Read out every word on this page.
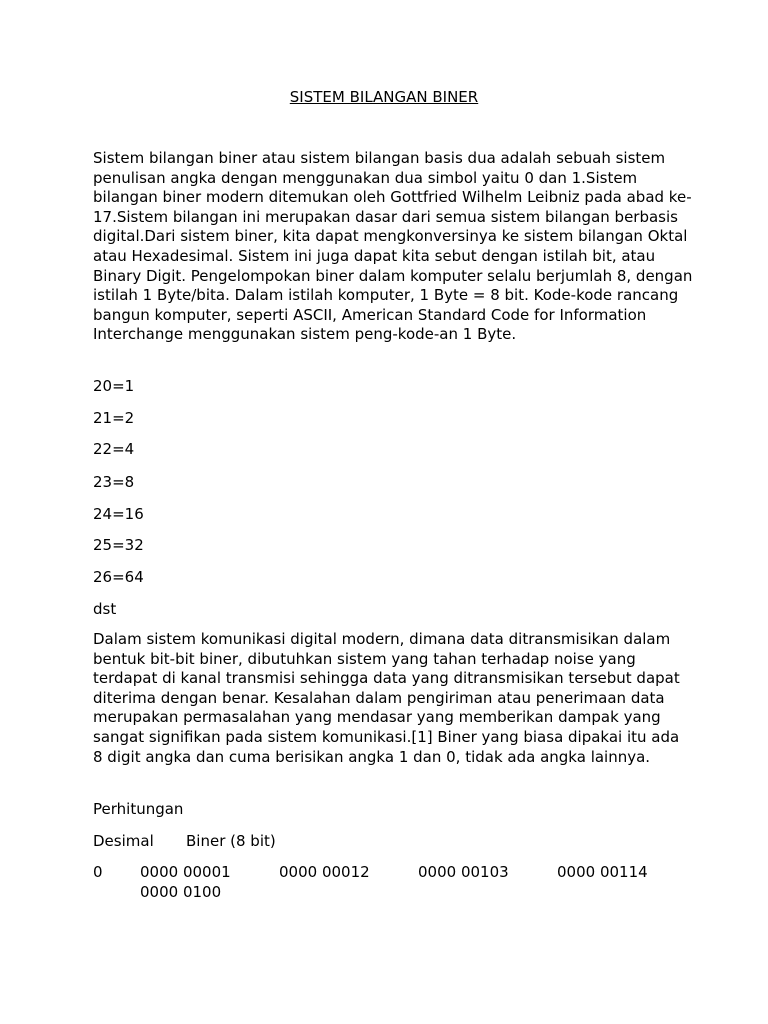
SISTEM BILANGAN BINER

Sistem bilangan biner atau sistem bilangan basis dua adalah sebuah sistem penulisan angka dengan menggunakan dua simbol yaitu 0 dan 1.Sistem bilangan biner modern ditemukan oleh Gottfried Wilhelm Leibniz pada abad ke-17.Sistem bilangan ini merupakan dasar dari semua sistem bilangan berbasis digital.Dari sistem biner, kita dapat mengkonversinya ke sistem bilangan Oktal atau Hexadesimal. Sistem ini juga dapat kita sebut dengan istilah bit, atau Binary Digit. Pengelompokan biner dalam komputer selalu berjumlah 8, dengan istilah 1 Byte/bita. Dalam istilah komputer, 1 Byte = 8 bit. Kode-kode rancang bangun komputer, seperti ASCII, American Standard Code for Information Interchange menggunakan sistem peng-kode-an 1 Byte.

20=1
21=2
22=4
23=8
24=16
25=32
26=64
dst

Dalam sistem komunikasi digital modern, dimana data ditransmisikan dalam bentuk bit-bit biner, dibutuhkan sistem yang tahan terhadap noise yang terdapat di kanal transmisi sehingga data yang ditransmisikan tersebut dapat diterima dengan benar. Kesalahan dalam pengiriman atau penerimaan data merupakan permasalahan yang mendasar yang memberikan dampak yang sangat signifikan pada sistem komunikasi.[1] Biner yang biasa dipakai itu ada 8 digit angka dan cuma berisikan angka 1 dan 0, tidak ada angka lainnya.

Perhitungan
Desimal Biner (8 bit)
0 0000 00001	0000 00012	0000 00103	0000 00114
0000 0100
